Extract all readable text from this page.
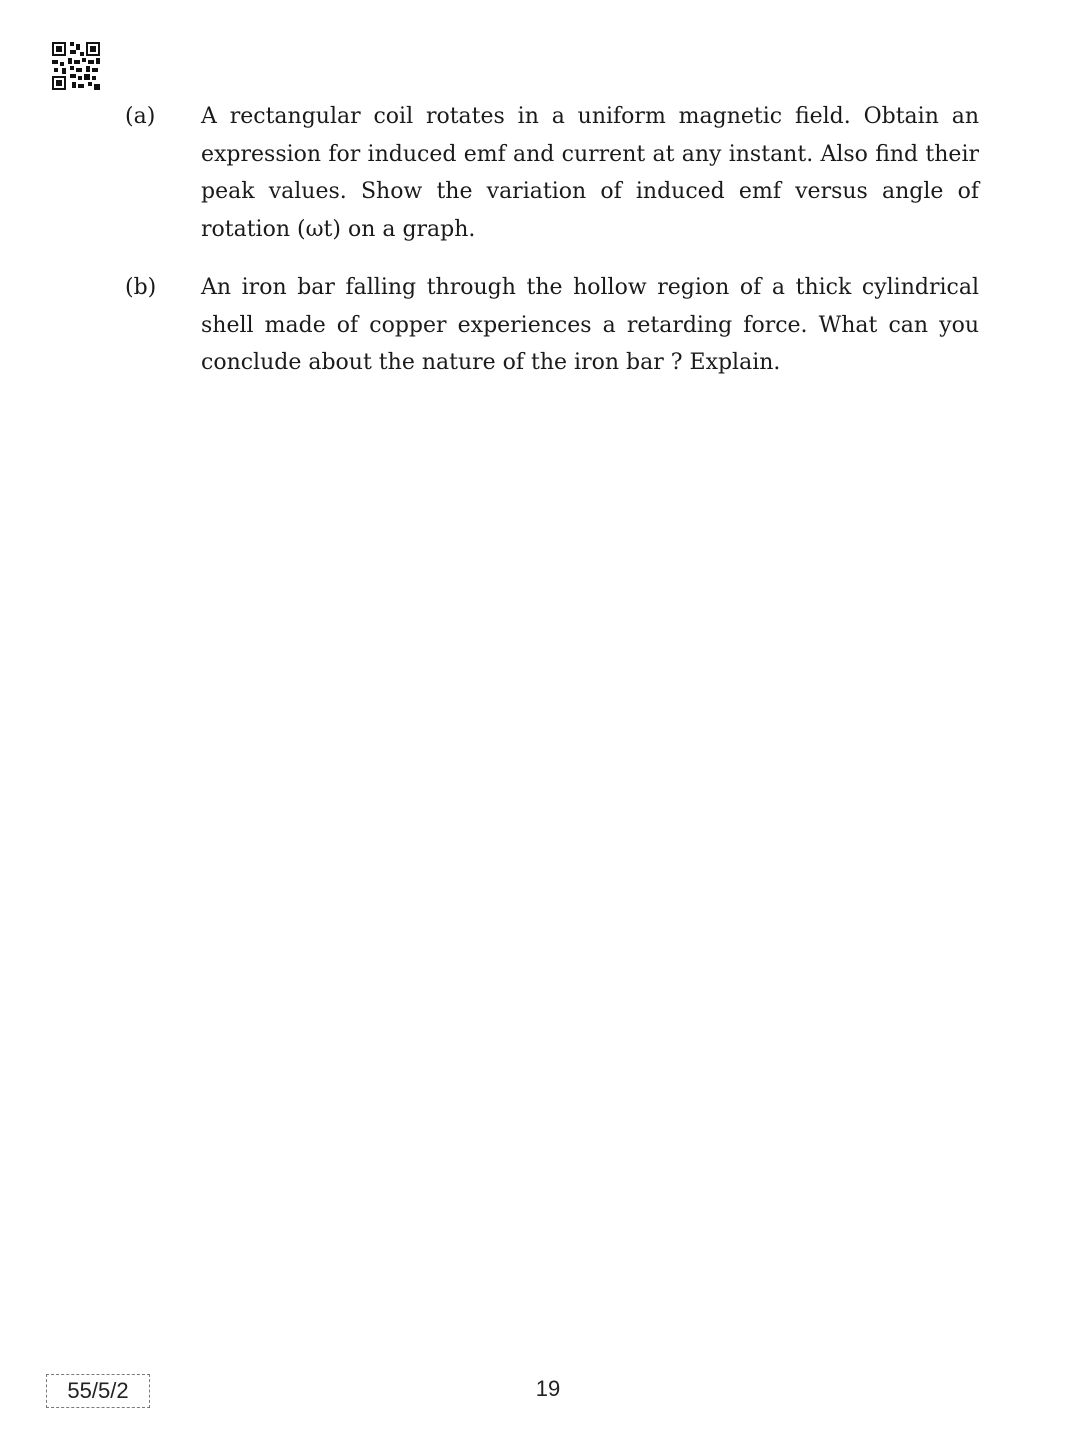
(a) A rectangular coil rotates in a uniform magnetic field. Obtain an expression for induced emf and current at any instant. Also find their peak values. Show the variation of induced emf versus angle of rotation (ωt) on a graph.
(b) An iron bar falling through the hollow region of a thick cylindrical shell made of copper experiences a retarding force. What can you conclude about the nature of the iron bar ? Explain.
55/5/2	19
